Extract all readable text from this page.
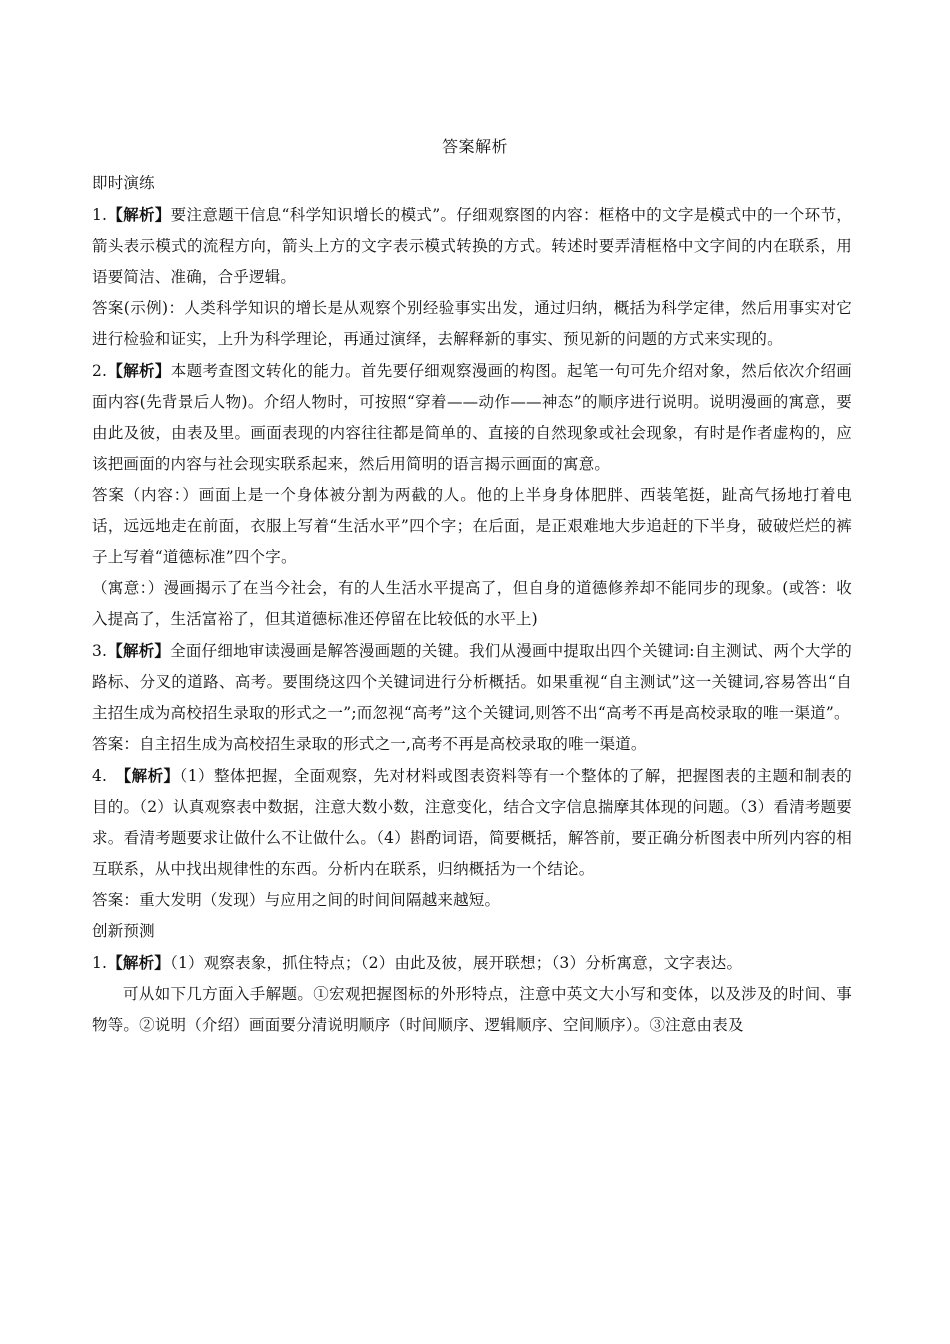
答案解析

即时演练

1.【解析】要注意题干信息“科学知识增长的模式”。仔细观察图的内容：框格中的文字是模式中的一个环节，箭头表示模式的流程方向，箭头上方的文字表示模式转换的方式。转述时要弄清框格中文字间的内在联系，用语要简洁、准确，合乎逻辑。

答案(示例)：人类科学知识的增长是从观察个别经验事实出发，通过归纳，概括为科学定律，然后用事实对它进行检验和证实，上升为科学理论，再通过演绎，去解释新的事实、预见新的问题的方式来实现的。

2.【解析】本题考查图文转化的能力。首先要仔细观察漫画的构图。起笔一句可先介绍对象，然后依次介绍画面内容(先背景后人物)。介绍人物时，可按照“穿着——动作——神态”的顺序进行说明。说明漫画的寓意，要由此及彼，由表及里。画面表现的内容往往都是简单的、直接的自然现象或社会现象，有时是作者虚构的，应该把画面的内容与社会现实联系起来，然后用简明的语言揭示画面的寓意。

答案（内容：）画面上是一个身体被分割为两截的人。他的上半身身体肥胖、西装笔挺，趾高气扬地打着电话，远远地走在前面，衣服上写着“生活水平”四个字；在后面，是正艰难地大步追赶的下半身，破破烂烂的裤子上写着“道德标准”四个字。

（寓意：）漫画揭示了在当今社会，有的人生活水平提高了，但自身的道德修养却不能同步的现象。(或答：收入提高了，生活富裕了，但其道德标准还停留在比较低的水平上)

3.【解析】全面仔细地审读漫画是解答漫画题的关键。我们从漫画中提取出四个关键词:自主测试、两个大学的路标、分叉的道路、高考。要围绕这四个关键词进行分析概括。如果重视“自主测试”这一关键词,容易答出“自主招生成为高校招生录取的形式之一”;而忽视“高考”这个关键词,则答不出“高考不再是高校录取的唯一渠道”。

答案：自主招生成为高校招生录取的形式之一,高考不再是高校录取的唯一渠道。

4.　【解析】（1）整体把握，全面观察，先对材料或图表资料等有一个整体的了解，把握图表的主题和制表的目的。（2）认真观察表中数据，注意大数小数，注意变化，结合文字信息揣摩其体现的问题。（3）看清考题要求。看清考题要求让做什么不让做什么。（4）斟酌词语，简要概括，解答前，要正确分析图表中所列内容的相互联系，从中找出规律性的东西。分析内在联系，归纳概括为一个结论。

答案：重大发明（发现）与应用之间的时间间隔越来越短。

创新预测

1.【解析】（1）观察表象，抓住特点；（2）由此及彼，展开联想；（3）分析寓意，文字表达。

可从如下几方面入手解题。①宏观把握图标的外形特点，注意中英文大小写和变体，以及涉及的时间、事物等。②说明（介绍）画面要分清说明顺序（时间顺序、逻辑顺序、空间顺序）。③注意由表及
